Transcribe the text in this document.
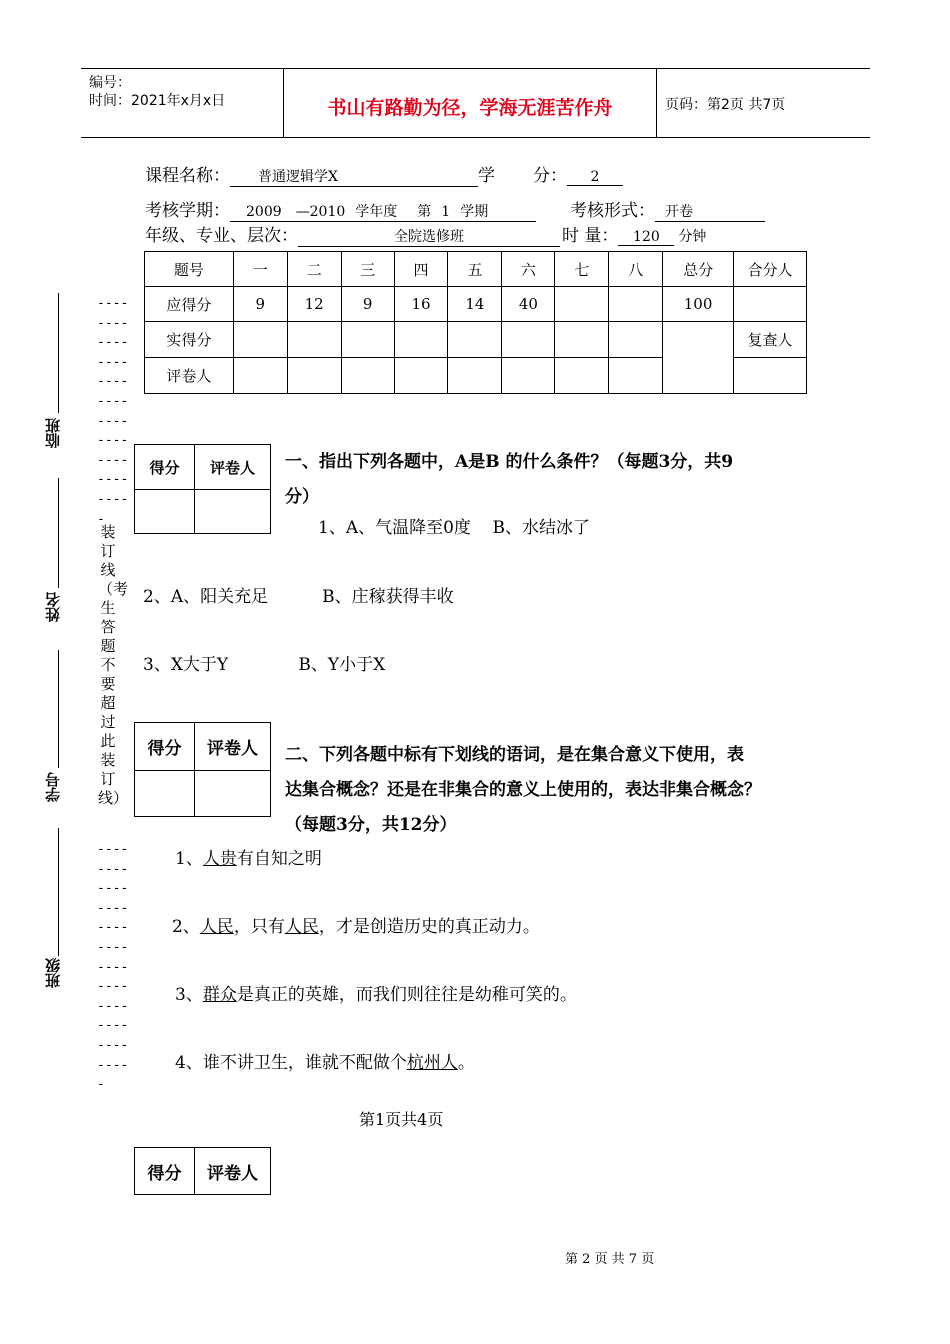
编号：
时间：2021年x月x日	书山有路勤为径，学海无涯苦作舟	页码：第2页 共7页
课程名称： 普通逻辑学X	学 分： 2
考核学期： 2009 —2010 学年度 第 1 学期	考核形式： 开卷
年级、专业、层次：	全院选修班	时 量： 120 分钟
题号	一	二	三	四	五	六	七	八	总分	合分人
应得分	9	12	9	16	14	40			100	
实得分										复查人
评卷人										
临班
姓名
学号
班级
----
----
----
----
----
----
----
----
----
----
----
-
装订线（考生答题不要超过此装订线）
----
----
----
----
----
----
----
----
----
----
----
----
-
得分	评卷人
	一、指出下列各题中，A是B 的什么条件？（每题3分，共9
分）
1、A、气温降至0度    B、水结冰了
2、A、阳关充足          B、庄稼获得丰收
3、X大于Y             B、Y小于X
得分	评卷人
	二、下列各题中标有下划线的语词，是在集合意义下使用，表
达集合概念？还是在非集合的意义上使用的，表达非集合概念？
（每题3分，共12分）
1、人贵有自知之明
2、人民，只有人民，才是创造历史的真正动力。
3、群众是真正的英雄，而我们则往往是幼稚可笑的。
4、谁不讲卫生，谁就不配做个杭州人。
第1页共4页
得分	评卷人
第 2 页 共 7 页
